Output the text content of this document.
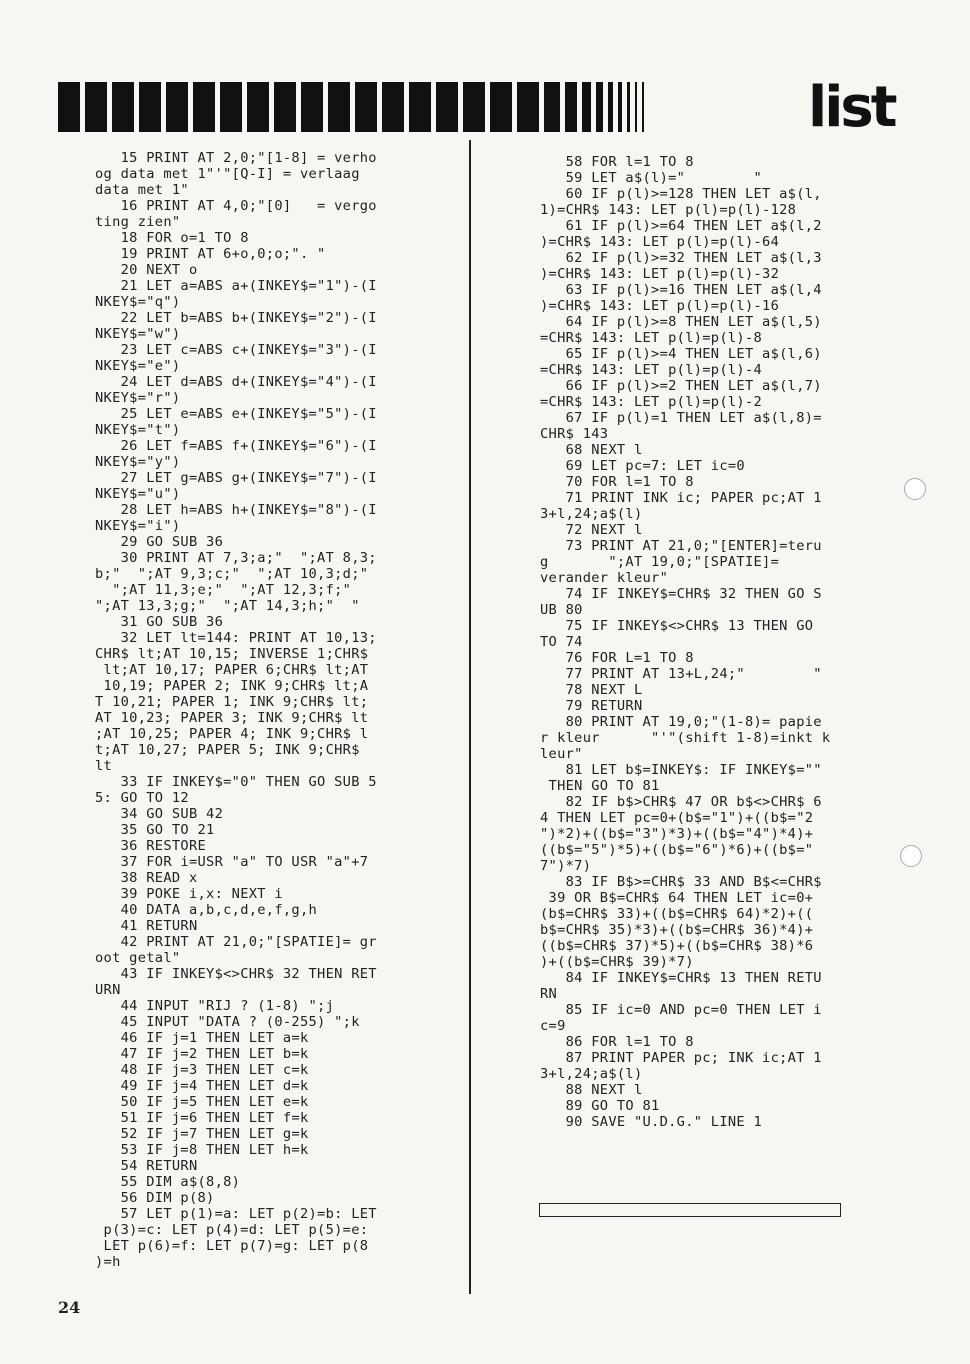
list
15 PRINT AT 2,0;"[1-8] = verho
og data met 1"'"[Q-I] = verlaag
data met 1"
16 PRINT AT 4,0;"[0]   = vergo
ting zien"
18 FOR o=1 TO 8
19 PRINT AT 6+o,0;o;". "
20 NEXT o
21 LET a=ABS a+(INKEY$="1")-(I
NKEY$="q")
22 LET b=ABS b+(INKEY$="2")-(I
NKEY$="w")
23 LET c=ABS c+(INKEY$="3")-(I
NKEY$="e")
24 LET d=ABS d+(INKEY$="4")-(I
NKEY$="r")
25 LET e=ABS e+(INKEY$="5")-(I
NKEY$="t")
26 LET f=ABS f+(INKEY$="6")-(I
NKEY$="y")
27 LET g=ABS g+(INKEY$="7")-(I
NKEY$="u")
28 LET h=ABS h+(INKEY$="8")-(I
NKEY$="i")
29 GO SUB 36
30 PRINT AT 7,3;a;"  ";AT 8,3;
b;"  ";AT 9,3;c;"  ";AT 10,3;d;"
";AT 11,3;e;"  ";AT 12,3;f;"
";AT 13,3;g;"  ";AT 14,3;h;"  "
31 GO SUB 36
32 LET lt=144: PRINT AT 10,13;
CHR$ lt;AT 10,15; INVERSE 1;CHR$
lt;AT 10,17; PAPER 6;CHR$ lt;AT
10,19; PAPER 2; INK 9;CHR$ lt;A
T 10,21; PAPER 1; INK 9;CHR$ lt;
AT 10,23; PAPER 3; INK 9;CHR$ lt
;AT 10,25; PAPER 4; INK 9;CHR$ l
t;AT 10,27; PAPER 5; INK 9;CHR$
lt
33 IF INKEY$="0" THEN GO SUB 5
5: GO TO 12
34 GO SUB 42
35 GO TO 21
36 RESTORE
37 FOR i=USR "a" TO USR "a"+7
38 READ x
39 POKE i,x: NEXT i
40 DATA a,b,c,d,e,f,g,h
41 RETURN
42 PRINT AT 21,0;"[SPATIE]= gr
oot getal"
43 IF INKEY$<>CHR$ 32 THEN RET
URN
44 INPUT "RIJ ? (1-8) ";j
45 INPUT "DATA ? (0-255) ";k
46 IF j=1 THEN LET a=k
47 IF j=2 THEN LET b=k
48 IF j=3 THEN LET c=k
49 IF j=4 THEN LET d=k
50 IF j=5 THEN LET e=k
51 IF j=6 THEN LET f=k
52 IF j=7 THEN LET g=k
53 IF j=8 THEN LET h=k
54 RETURN
55 DIM a$(8,8)
56 DIM p(8)
57 LET p(1)=a: LET p(2)=b: LET
p(3)=c: LET p(4)=d: LET p(5)=e:
LET p(6)=f: LET p(7)=g: LET p(8
)=h
58 FOR l=1 TO 8
59 LET a$(l)="        "
60 IF p(l)>=128 THEN LET a$(l,
1)=CHR$ 143: LET p(l)=p(l)-128
61 IF p(l)>=64 THEN LET a$(l,2
)=CHR$ 143: LET p(l)=p(l)-64
62 IF p(l)>=32 THEN LET a$(l,3
)=CHR$ 143: LET p(l)=p(l)-32
63 IF p(l)>=16 THEN LET a$(l,4
)=CHR$ 143: LET p(l)=p(l)-16
64 IF p(l)>=8 THEN LET a$(l,5)
=CHR$ 143: LET p(l)=p(l)-8
65 IF p(l)>=4 THEN LET a$(l,6)
=CHR$ 143: LET p(l)=p(l)-4
66 IF p(l)>=2 THEN LET a$(l,7)
=CHR$ 143: LET p(l)=p(l)-2
67 IF p(l)=1 THEN LET a$(l,8)=
CHR$ 143
68 NEXT l
69 LET pc=7: LET ic=0
70 FOR l=1 TO 8
71 PRINT INK ic; PAPER pc;AT 1
3+l,24;a$(l)
72 NEXT l
73 PRINT AT 21,0;"[ENTER]=teru
g       ";AT 19,0;"[SPATIE]=
verander kleur"
74 IF INKEY$=CHR$ 32 THEN GO S
UB 80
75 IF INKEY$<>CHR$ 13 THEN GO
TO 74
76 FOR L=1 TO 8
77 PRINT AT 13+L,24;"        "
78 NEXT L
79 RETURN
80 PRINT AT 19,0;"(1-8)= papie
r kleur      "'"(shift 1-8)=inkt k
leur"
81 LET b$=INKEY$: IF INKEY$=""
THEN GO TO 81
82 IF b$>CHR$ 47 OR b$<>CHR$ 6
4 THEN LET pc=0+(b$="1")+((b$="2
")*2)+((b$="3")*3)+((b$="4")*4)+
((b$="5")*5)+((b$="6")*6)+((b$="
7")*7)
83 IF B$>=CHR$ 33 AND B$<=CHR$
39 OR B$=CHR$ 64 THEN LET ic=0+
(b$=CHR$ 33)+((b$=CHR$ 64)*2)+((
b$=CHR$ 35)*3)+((b$=CHR$ 36)*4)+
((b$=CHR$ 37)*5)+((b$=CHR$ 38)*6
)+((b$=CHR$ 39)*7)
84 IF INKEY$=CHR$ 13 THEN RETU
RN
85 IF ic=0 AND pc=0 THEN LET i
c=9
86 FOR l=1 TO 8
87 PRINT PAPER pc; INK ic;AT 1
3+l,24;a$(l)
88 NEXT l
89 GO TO 81
90 SAVE "U.D.G." LINE 1
24
